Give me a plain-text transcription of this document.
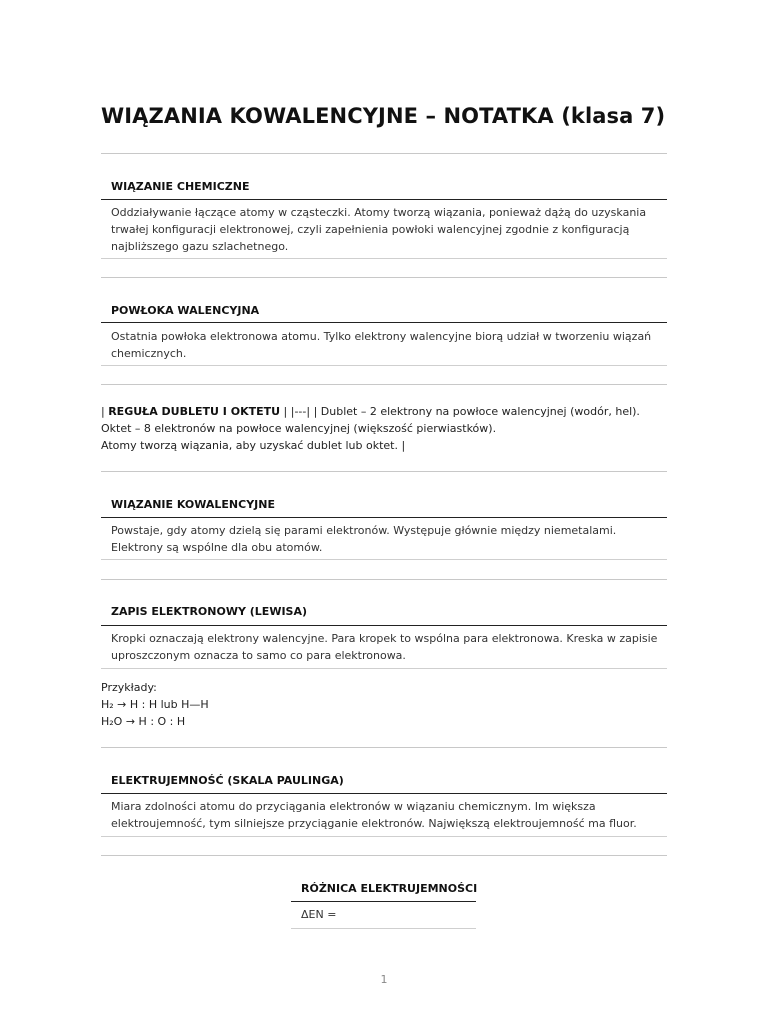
WIĄZANIA KOWALENCYJNE – NOTATKA (klasa 7)
WIĄZANIE CHEMICZNE

Oddziaływanie łączące atomy w cząsteczki. Atomy tworzą wiązania, ponieważ dążą do uzyskania trwałej konfiguracji elektronowej, czyli zapełnienia powłoki walencyjnej zgodnie z konfiguracją najbliższego gazu szlachetnego.

POWŁOKA WALENCYJNA

Ostatnia powłoka elektronowa atomu. Tylko elektrony walencyjne biorą udział w tworzeniu wiązań chemicznych.

| REGUŁA DUBLETU I OKTETU | |---| | Dublet – 2 elektrony na powłoce walencyjnej (wodór, hel).
Oktet – 8 elektronów na powłoce walencyjnej (większość pierwiastków).
Atomy tworzą wiązania, aby uzyskać dublet lub oktet. |

WIĄZANIE KOWALENCYJNE

Powstaje, gdy atomy dzielą się parami elektronów. Występuje głównie między niemetalami. Elektrony są wspólne dla obu atomów.

ZAPIS ELEKTRONOWY (LEWISA)

Kropki oznaczają elektrony walencyjne. Para kropek to wspólna para elektronowa. Kreska w zapisie uproszczonym oznacza to samo co para elektronowa.

Przykłady:
H₂ → H : H lub H—H
H₂O → H : O : H

ELEKTRUJEMNOŚĆ (SKALA PAULINGA)

Miara zdolności atomu do przyciągania elektronów w wiązaniu chemicznym. Im większa elektroujemność, tym silniejsze przyciąganie elektronów. Największą elektroujemność ma fluor.

RÓŻNICA ELEKTRUJEMNOŚCI
ΔEN =
1
